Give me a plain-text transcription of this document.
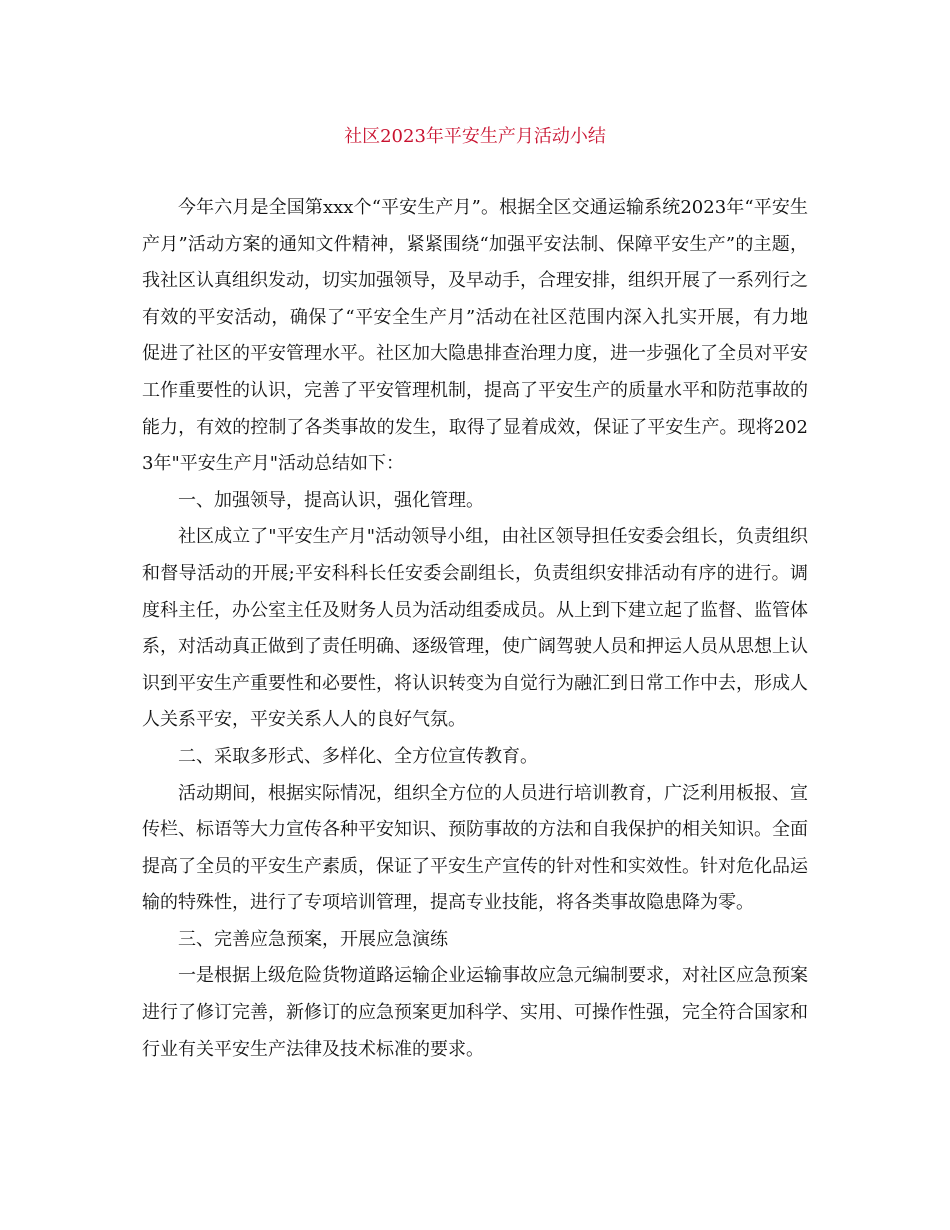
社区2023年平安生产月活动小结

今年六月是全国第xxx个“平安生产月”。根据全区交通运输系统2023年“平安生产月”活动方案的通知文件精神，紧紧围绕“加强平安法制、保障平安生产”的主题，我社区认真组织发动，切实加强领导，及早动手，合理安排，组织开展了一系列行之有效的平安活动，确保了“平安全生产月”活动在社区范围内深入扎实开展，有力地促进了社区的平安管理水平。社区加大隐患排查治理力度，进一步强化了全员对平安工作重要性的认识，完善了平安管理机制，提高了平安生产的质量水平和防范事故的能力，有效的控制了各类事故的发生，取得了显着成效，保证了平安生产。现将2023年"平安生产月"活动总结如下：

一、加强领导，提高认识，强化管理。

社区成立了"平安生产月"活动领导小组，由社区领导担任安委会组长，负责组织和督导活动的开展;平安科科长任安委会副组长，负责组织安排活动有序的进行。调度科主任，办公室主任及财务人员为活动组委成员。从上到下建立起了监督、监管体系，对活动真正做到了责任明确、逐级管理，使广阔驾驶人员和押运人员从思想上认识到平安生产重要性和必要性，将认识转变为自觉行为融汇到日常工作中去，形成人人关系平安，平安关系人人的良好气氛。

二、采取多形式、多样化、全方位宣传教育。

活动期间，根据实际情况，组织全方位的人员进行培训教育，广泛利用板报、宣传栏、标语等大力宣传各种平安知识、预防事故的方法和自我保护的相关知识。全面提高了全员的平安生产素质，保证了平安生产宣传的针对性和实效性。针对危化品运输的特殊性，进行了专项培训管理，提高专业技能，将各类事故隐患降为零。

三、完善应急预案，开展应急演练

一是根据上级危险货物道路运输企业运输事故应急元编制要求，对社区应急预案进行了修订完善，新修订的应急预案更加科学、实用、可操作性强，完全符合国家和行业有关平安生产法律及技术标准的要求。
